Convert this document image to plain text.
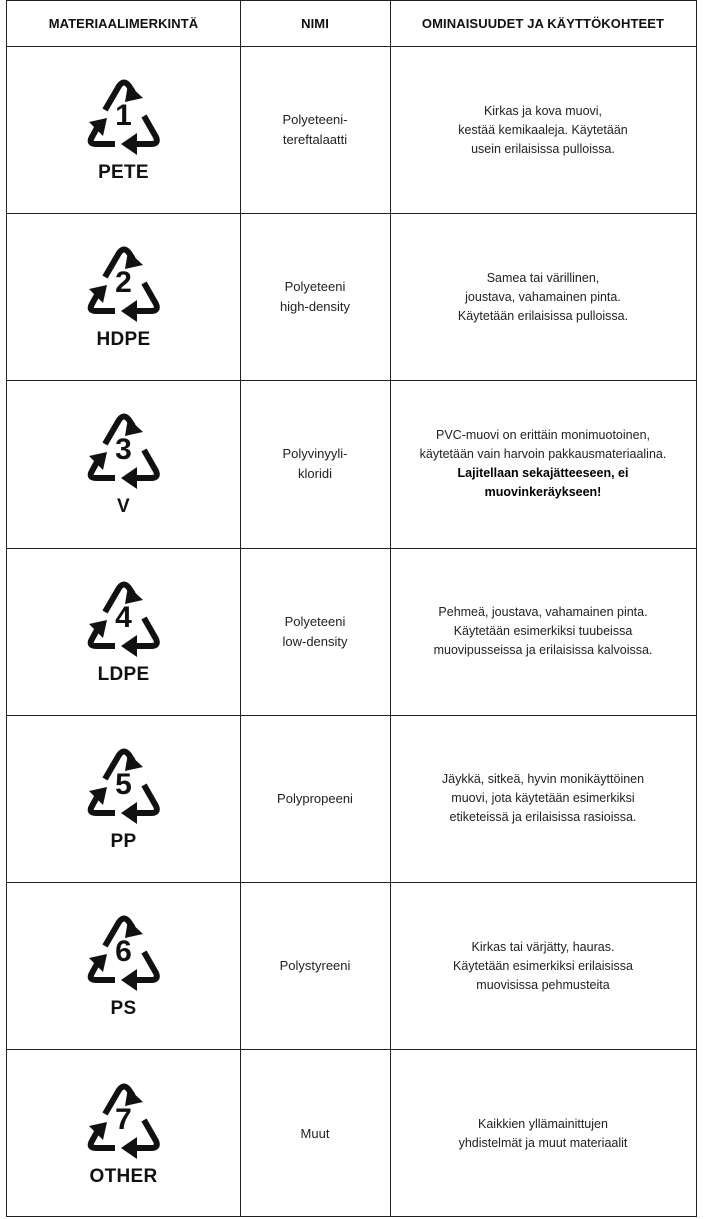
MATERIAALIMERKINTÄ	NIMI	OMINAISUUDET JA KÄYTTÖKOHTEET
1
PETE
Polyeteeni-
tereftalaatti
Kirkas ja kova muovi,
kestää kemikaaleja. Käytetään
usein erilaisissa pulloissa.
2
HDPE
Polyeteeni
high-density
Samea tai värillinen,
joustava, vahamainen pinta.
Käytetään erilaisissa pulloissa.
3
V
Polyvinyyli-
kloridi
PVC-muovi on erittäin monimuotoinen,
käytetään vain harvoin pakkausmateriaalina.
Lajitellaan sekajätteeseen, ei
muovinkeräykseen!
4
LDPE
Polyeteeni
low-density
Pehmeä, joustava, vahamainen pinta.
Käytetään esimerkiksi tuubeissa
muovipusseissa ja erilaisissa kalvoissa.
5
PP
Polypropeeni
Jäykkä, sitkeä, hyvin monikäyttöinen
muovi, jota käytetään esimerkiksi
etiketeissä ja erilaisissa rasioissa.
6
PS
Polystyreeni
Kirkas tai värjätty, hauras.
Käytetään esimerkiksi erilaisissa
muovisissa pehmusteita
7
OTHER
Muut
Kaikkien yllämainittujen
yhdistelmät ja muut materiaalit
